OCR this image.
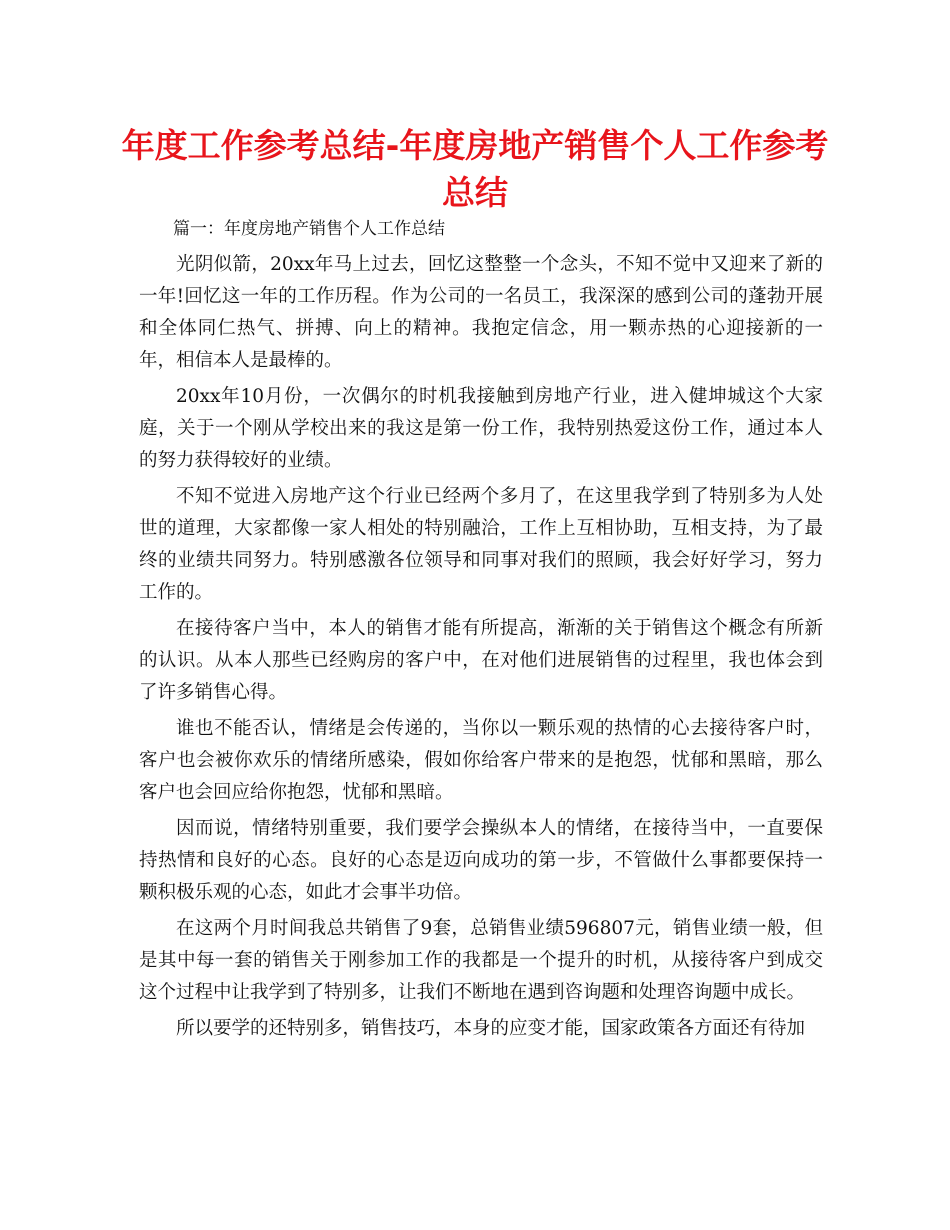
年度工作参考总结-年度房地产销售个人工作参考总结

篇一：年度房地产销售个人工作总结

光阴似箭，20xx年马上过去，回忆这整整一个念头，不知不觉中又迎来了新的一年!回忆这一年的工作历程。作为公司的一名员工，我深深的感到公司的蓬勃开展和全体同仁热气、拼搏、向上的精神。我抱定信念，用一颗赤热的心迎接新的一年，相信本人是最棒的。

20xx年10月份，一次偶尔的时机我接触到房地产行业，进入健坤城这个大家庭，关于一个刚从学校出来的我这是第一份工作，我特别热爱这份工作，通过本人的努力获得较好的业绩。

不知不觉进入房地产这个行业已经两个多月了，在这里我学到了特别多为人处世的道理，大家都像一家人相处的特别融洽，工作上互相协助，互相支持，为了最终的业绩共同努力。特别感激各位领导和同事对我们的照顾，我会好好学习，努力工作的。

在接待客户当中，本人的销售才能有所提高，渐渐的关于销售这个概念有所新的认识。从本人那些已经购房的客户中，在对他们进展销售的过程里，我也体会到了许多销售心得。

谁也不能否认，情绪是会传递的，当你以一颗乐观的热情的心去接待客户时，客户也会被你欢乐的情绪所感染，假如你给客户带来的是抱怨，忧郁和黑暗，那么客户也会回应给你抱怨，忧郁和黑暗。

因而说，情绪特别重要，我们要学会操纵本人的情绪，在接待当中，一直要保持热情和良好的心态。良好的心态是迈向成功的第一步，不管做什么事都要保持一颗积极乐观的心态，如此才会事半功倍。

在这两个月时间我总共销售了9套，总销售业绩596807元，销售业绩一般，但是其中每一套的销售关于刚参加工作的我都是一个提升的时机，从接待客户到成交这个过程中让我学到了特别多，让我们不断地在遇到咨询题和处理咨询题中成长。

所以要学的还特别多，销售技巧，本身的应变才能，国家政策各方面还有待加
